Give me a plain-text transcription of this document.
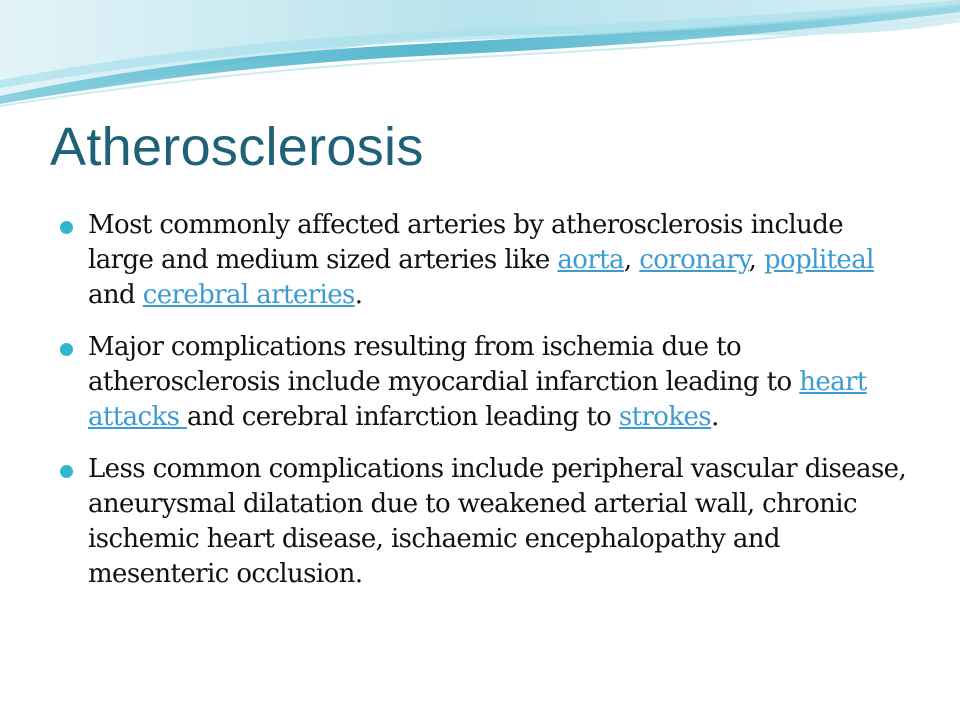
Atherosclerosis
Most commonly affected arteries by atherosclerosis include large and medium sized arteries like aorta, coronary, popliteal and cerebral arteries.
Major complications resulting from ischemia due to atherosclerosis include myocardial infarction leading to heart attacks and cerebral infarction leading to strokes.
Less common complications include peripheral vascular disease, aneurysmal dilatation due to weakened arterial wall, chronic ischemic heart disease, ischaemic encephalopathy and mesenteric occlusion.
